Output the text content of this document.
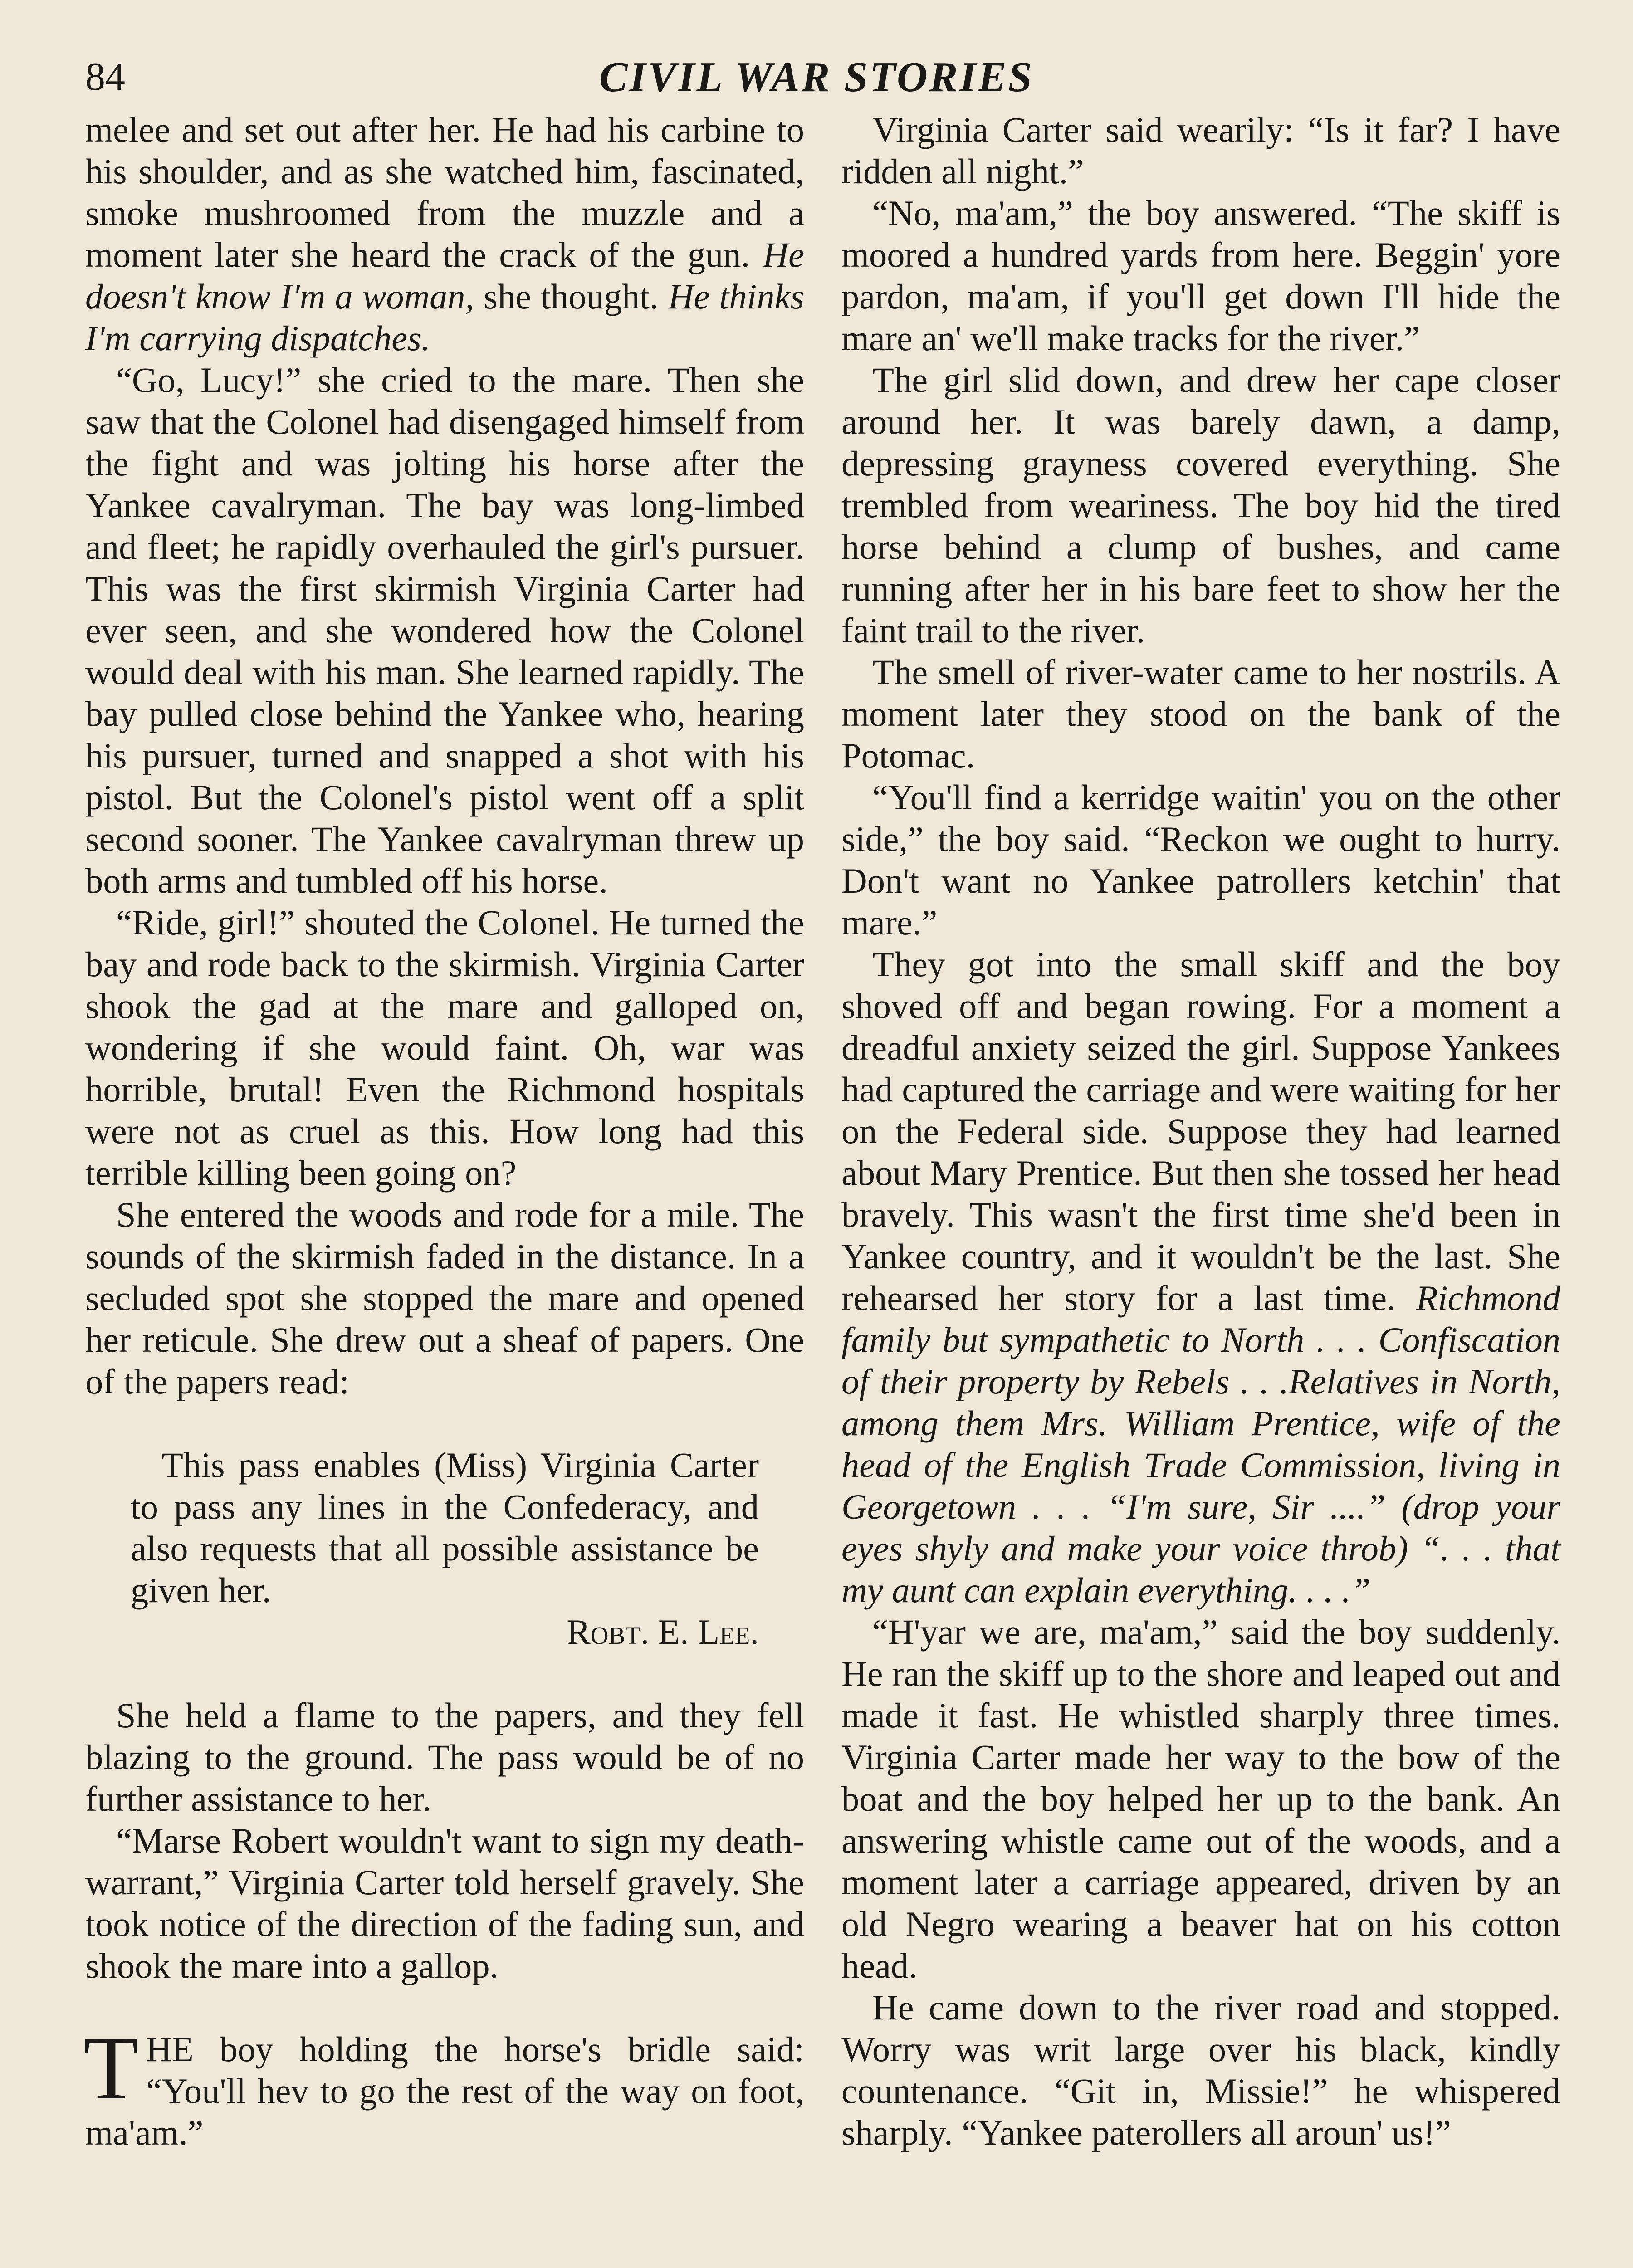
84	CIVIL WAR STORIES

melee and set out after her. He had his carbine to his shoulder, and as she watched him, fascinated, smoke mushroomed from the muzzle and a moment later she heard the crack of the gun. He doesn't know I'm a woman, she thought. He thinks I'm carrying dispatches.

“Go, Lucy!” she cried to the mare. Then she saw that the Colonel had disengaged himself from the fight and was jolting his horse after the Yankee cavalryman. The bay was long-limbed and fleet; he rapidly overhauled the girl's pursuer. This was the first skirmish Virginia Carter had ever seen, and she wondered how the Colonel would deal with his man. She learned rapidly. The bay pulled close behind the Yankee who, hearing his pursuer, turned and snapped a shot with his pistol. But the Colonel's pistol went off a split second sooner. The Yankee cavalryman threw up both arms and tumbled off his horse.

“Ride, girl!” shouted the Colonel. He turned the bay and rode back to the skirmish. Virginia Carter shook the gad at the mare and galloped on, wondering if she would faint. Oh, war was horrible, brutal! Even the Richmond hospitals were not as cruel as this. How long had this terrible killing been going on?

She entered the woods and rode for a mile. The sounds of the skirmish faded in the distance. In a secluded spot she stopped the mare and opened her reticule. She drew out a sheaf of papers. One of the papers read:

This pass enables (Miss) Virginia Carter to pass any lines in the Confederacy, and also requests that all possible assistance be given her.

Robt. E. Lee.

She held a flame to the papers, and they fell blazing to the ground. The pass would be of no further assistance to her.

“Marse Robert wouldn't want to sign my death-warrant,” Virginia Carter told herself gravely. She took notice of the direction of the fading sun, and shook the mare into a gallop.

THE boy holding the horse's bridle said: “You'll hev to go the rest of the way on foot, ma'am.”

Virginia Carter said wearily: “Is it far? I have ridden all night.”

“No, ma'am,” the boy answered. “The skiff is moored a hundred yards from here. Beggin' yore pardon, ma'am, if you'll get down I'll hide the mare an' we'll make tracks for the river.”

The girl slid down, and drew her cape closer around her. It was barely dawn, a damp, depressing grayness covered everything. She trembled from weariness. The boy hid the tired horse behind a clump of bushes, and came running after her in his bare feet to show her the faint trail to the river.

The smell of river-water came to her nostrils. A moment later they stood on the bank of the Potomac.

“You'll find a kerridge waitin' you on the other side,” the boy said. “Reckon we ought to hurry. Don't want no Yankee patrollers ketchin' that mare.”

They got into the small skiff and the boy shoved off and began rowing. For a moment a dreadful anxiety seized the girl. Suppose Yankees had captured the carriage and were waiting for her on the Federal side. Suppose they had learned about Mary Prentice. But then she tossed her head bravely. This wasn't the first time she'd been in Yankee country, and it wouldn't be the last. She rehearsed her story for a last time. Richmond family but sympathetic to North . . . Confiscation of their property by Rebels . . .Relatives in North, among them Mrs. William Prentice, wife of the head of the English Trade Commission, living in Georgetown . . . “I'm sure, Sir ....” (drop your eyes shyly and make your voice throb) “. . . that my aunt can explain everything. . . .”

“H'yar we are, ma'am,” said the boy suddenly. He ran the skiff up to the shore and leaped out and made it fast. He whistled sharply three times. Virginia Carter made her way to the bow of the boat and the boy helped her up to the bank. An answering whistle came out of the woods, and a moment later a carriage appeared, driven by an old Negro wearing a beaver hat on his cotton head.

He came down to the river road and stopped. Worry was writ large over his black, kindly countenance. “Git in, Missie!” he whispered sharply. “Yankee paterollers all aroun' us!”
